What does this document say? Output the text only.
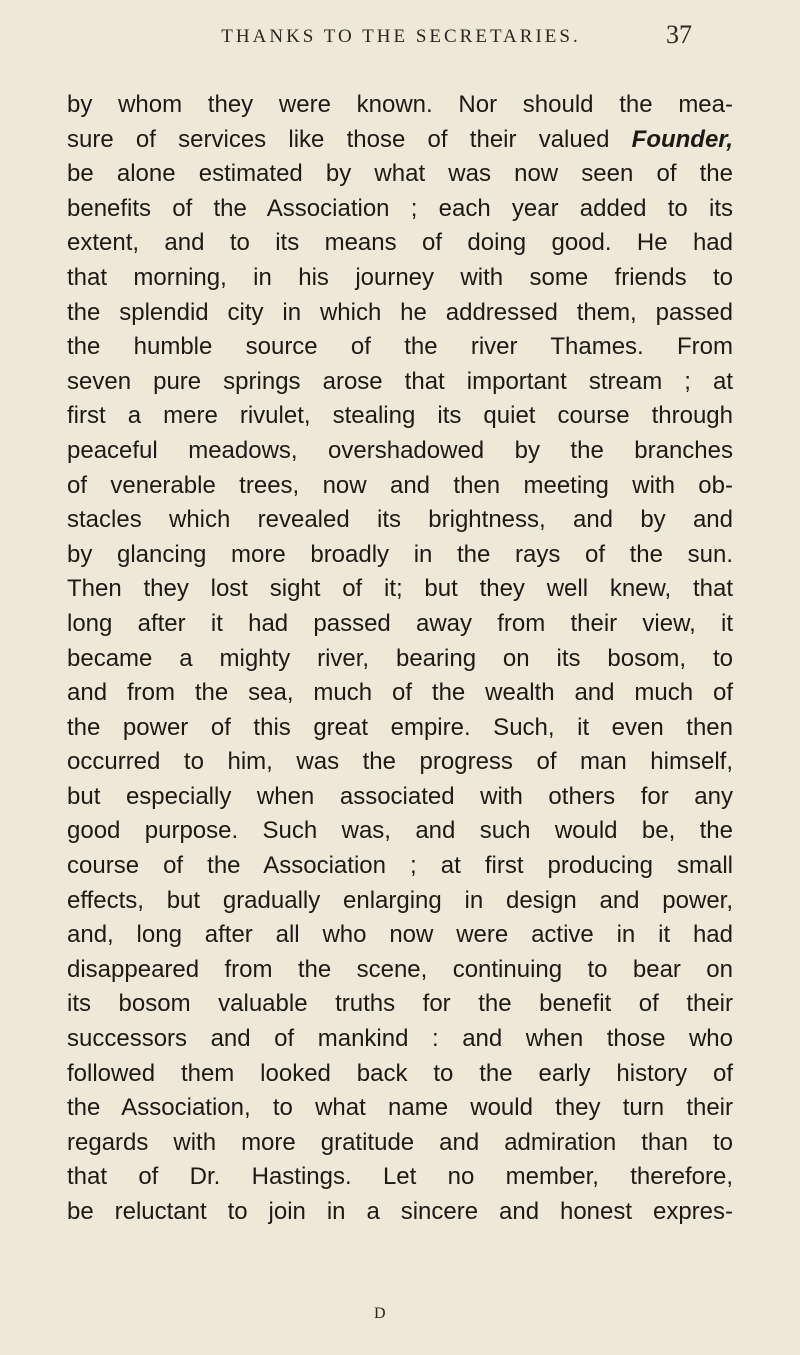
THANKS TO THE SECRETARIES.	37
by whom they were known. Nor should the mea-
sure of services like those of their valued Founder,
be alone estimated by what was now seen of the
benefits of the Association ; each year added to its
extent, and to its means of doing good. He had
that morning, in his journey with some friends to
the splendid city in which he addressed them, passed
the humble source of the river Thames. From
seven pure springs arose that important stream ; at
first a mere rivulet, stealing its quiet course through
peaceful meadows, overshadowed by the branches
of venerable trees, now and then meeting with ob-
stacles which revealed its brightness, and by and
by glancing more broadly in the rays of the sun.
Then they lost sight of it; but they well knew, that
long after it had passed away from their view, it
became a mighty river, bearing on its bosom, to
and from the sea, much of the wealth and much of
the power of this great empire. Such, it even then
occurred to him, was the progress of man himself,
but especially when associated with others for any
good purpose. Such was, and such would be, the
course of the Association ; at first producing small
effects, but gradually enlarging in design and power,
and, long after all who now were active in it had
disappeared from the scene, continuing to bear on
its bosom valuable truths for the benefit of their
successors and of mankind : and when those who
followed them looked back to the early history of
the Association, to what name would they turn their
regards with more gratitude and admiration than to
that of Dr. Hastings. Let no member, therefore,
be reluctant to join in a sincere and honest expres-
D
